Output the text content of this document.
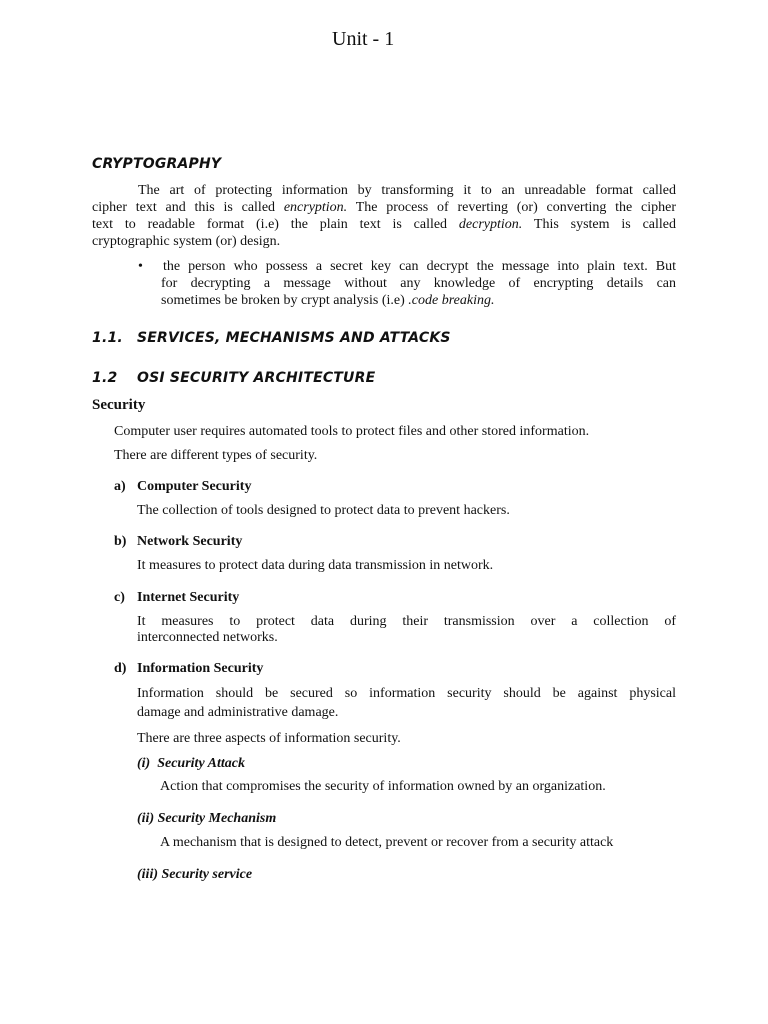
Unit - 1
CRYPTOGRAPHY
The art of protecting information by transforming it to an unreadable format called
cipher text and this is called encryption. The process of reverting (or) converting the cipher
text to readable format (i.e) the plain text is called decryption. This system is called
cryptographic system (or) design.
• the person who possess a secret key can decrypt the message into plain text. But
for decrypting a message without any knowledge of encrypting details can
sometimes be broken by crypt analysis (i.e) .code breaking.
1.1. SERVICES, MECHANISMS AND ATTACKS
1.2 OSI SECURITY ARCHITECTURE
Security
Computer user requires automated tools to protect files and other stored information.
There are different types of security.
a) Computer Security
The collection of tools designed to protect data to prevent hackers.
b) Network Security
It measures to protect data during data transmission in network.
c) Internet Security
It measures to protect data during their transmission over a collection of
interconnected networks.
d) Information Security
Information should be secured so information security should be against physical
damage and administrative damage.
There are three aspects of information security.
(i)  Security Attack
Action that compromises the security of information owned by an organization.
(ii) Security Mechanism
A mechanism that is designed to detect, prevent or recover from a security attack
(iii) Security service
